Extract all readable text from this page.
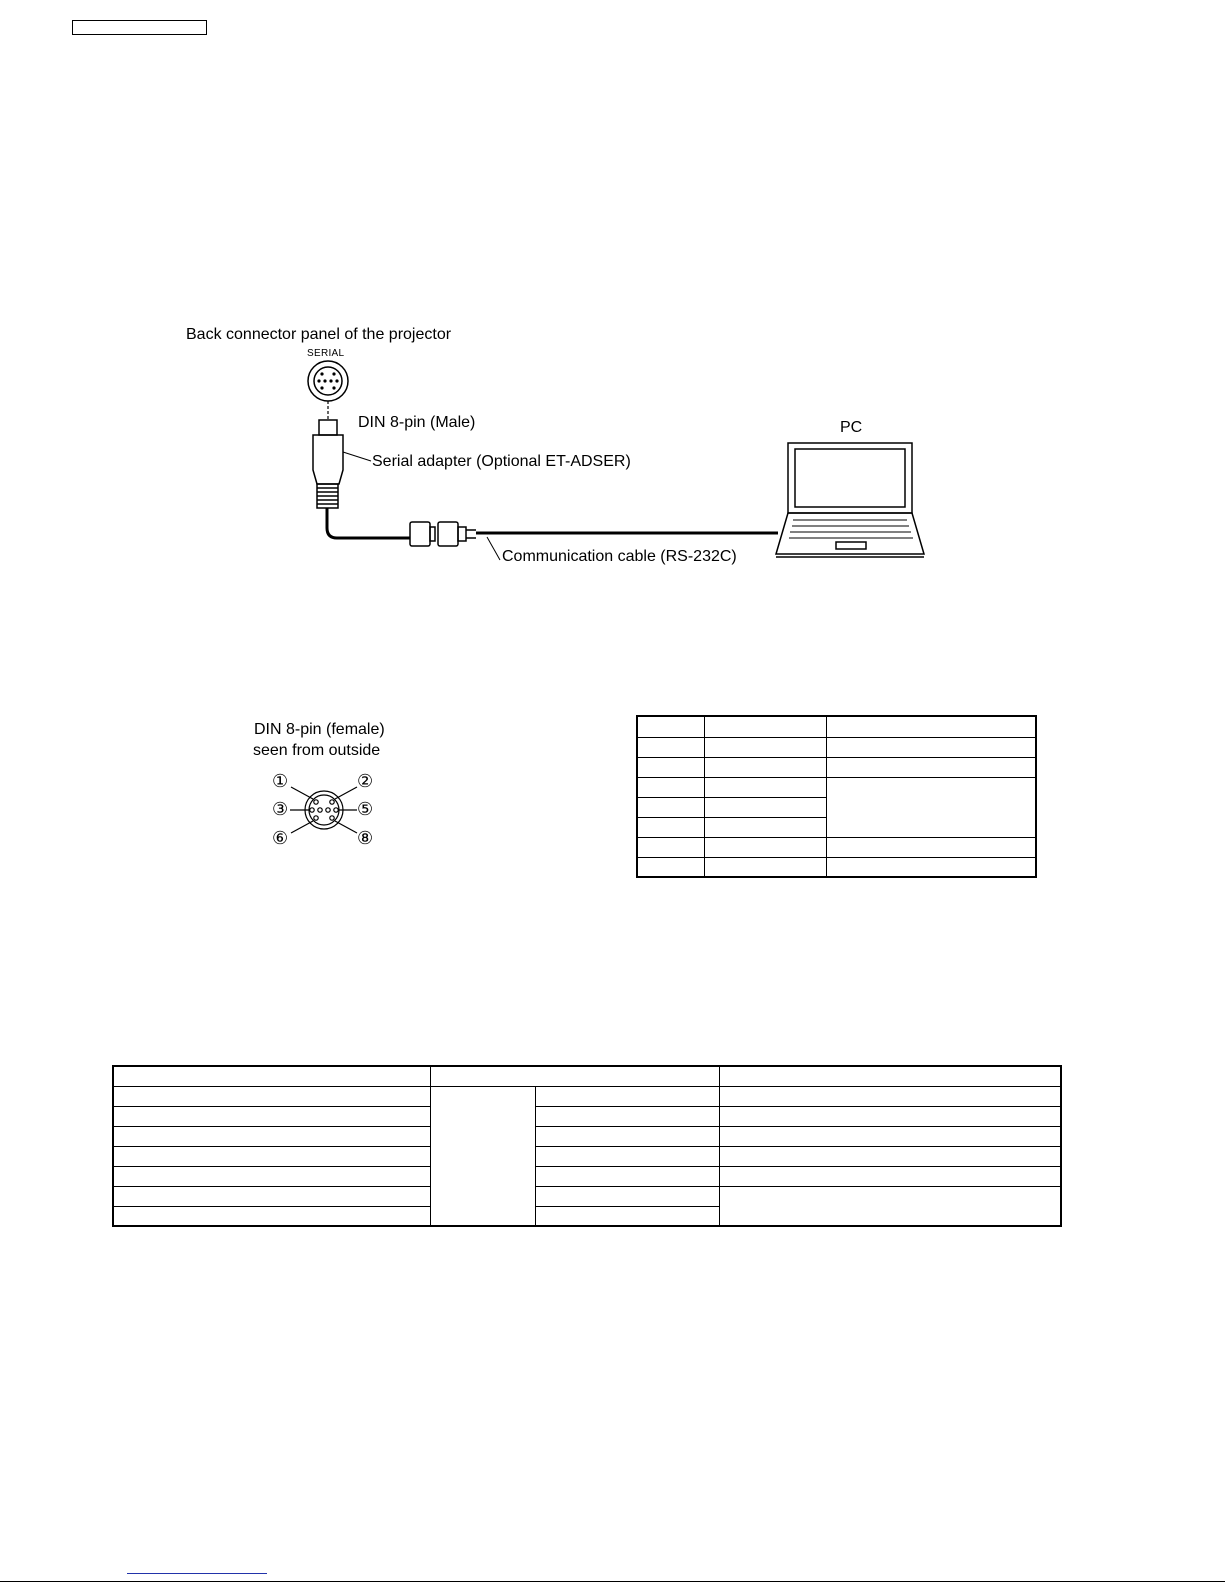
Back connector panel of the projector
SERIAL
DIN 8-pin (Male)
Serial adapter (Optional ET-ADSER)
PC
Communication cable (RS-232C)
DIN 8-pin (female)
seen from outside
①	②
③	⑤
⑥	⑧
